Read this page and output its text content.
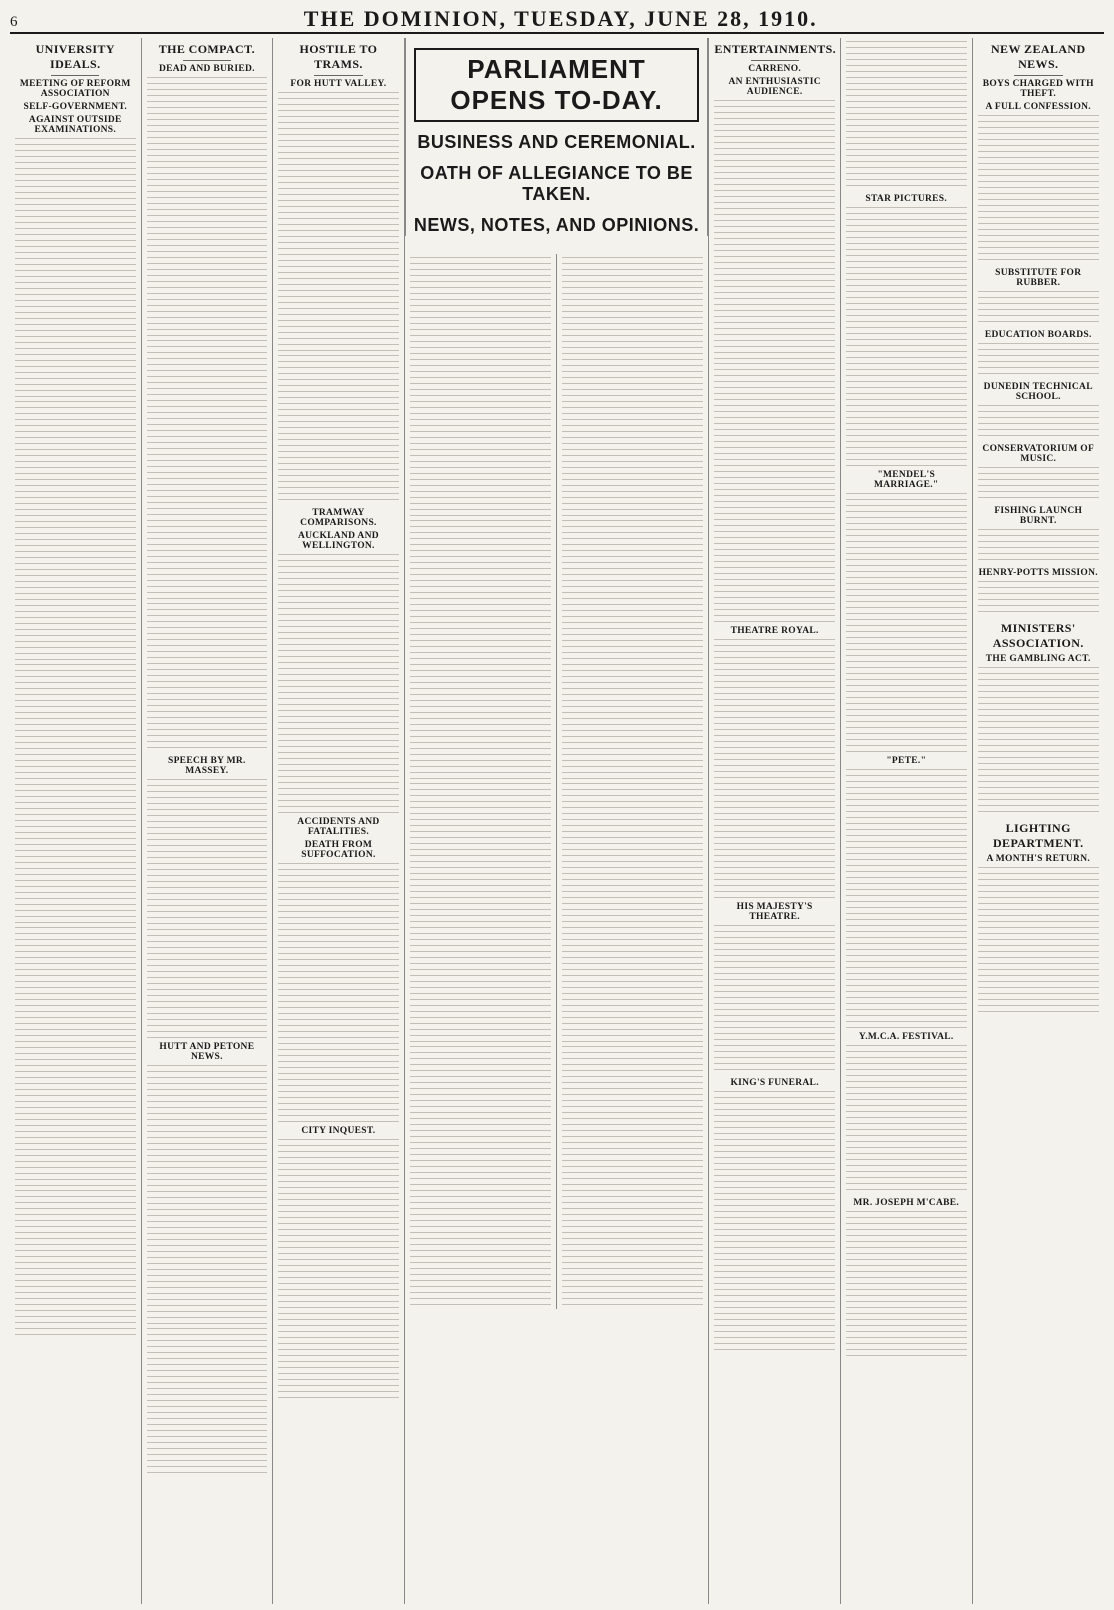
6	THE DOMINION, TUESDAY, JUNE 28, 1910.
UNIVERSITY IDEALS.
MEETING OF REFORM ASSOCIATION
SELF-GOVERNMENT.
AGAINST OUTSIDE EXAMINATIONS.
THE COMPACT.
DEAD AND BURIED.
SPEECH BY MR. MASSEY.
HUTT AND PETONE NEWS.
HOSTILE TO TRAMS.
FOR HUTT VALLEY.
TRAMWAY COMPARISONS.
AUCKLAND AND WELLINGTON.
ACCIDENTS AND FATALITIES.
DEATH FROM SUFFOCATION.
CITY INQUEST.
PARLIAMENT OPENS TO-DAY.
BUSINESS AND CEREMONIAL.
OATH OF ALLEGIANCE TO BE TAKEN.
NEWS, NOTES, AND OPINIONS.
ENTERTAINMENTS.
CARRENO.
AN ENTHUSIASTIC AUDIENCE.
THEATRE ROYAL.
HIS MAJESTY'S THEATRE.
KING'S FUNERAL.
STAR PICTURES.
"MENDEL'S MARRIAGE."
"PETE."
Y.M.C.A. FESTIVAL.
MR. JOSEPH M'CABE.
NEW ZEALAND NEWS.
BOYS CHARGED WITH THEFT.
A FULL CONFESSION.
SUBSTITUTE FOR RUBBER.
EDUCATION BOARDS.
DUNEDIN TECHNICAL SCHOOL.
CONSERVATORIUM OF MUSIC.
FISHING LAUNCH BURNT.
HENRY-POTTS MISSION.
MINISTERS' ASSOCIATION.
THE GAMBLING ACT.
LIGHTING DEPARTMENT.
A MONTH'S RETURN.
